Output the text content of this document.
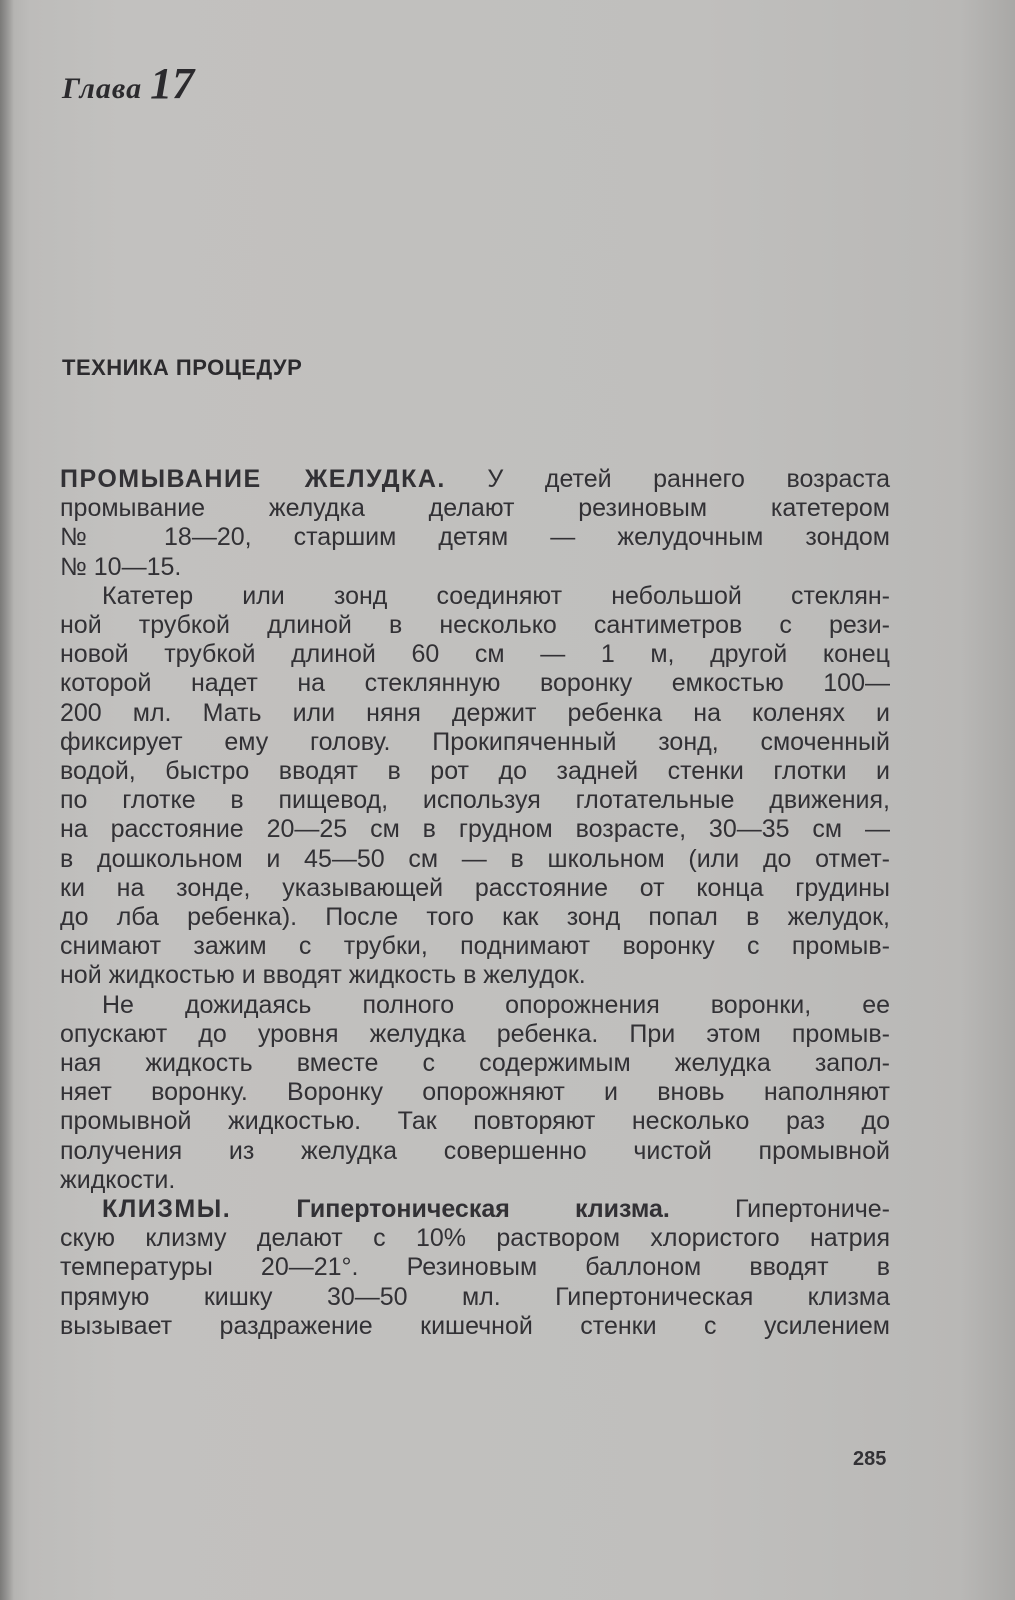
Глава 17
ТЕХНИКА ПРОЦЕДУР

ПРОМЫВАНИЕ ЖЕЛУДКА. У детей раннего возраста
промывание желудка делают резиновым катетером
№ 18—20, старшим детям — желудочным зондом
№ 10—15.

Катетер или зонд соединяют небольшой стеклян-
ной трубкой длиной в несколько сантиметров с рези-
новой трубкой длиной 60 см — 1 м, другой конец
которой надет на стеклянную воронку емкостью 100—
200 мл. Мать или няня держит ребенка на коленях и
фиксирует ему голову. Прокипяченный зонд, смоченный
водой, быстро вводят в рот до задней стенки глотки и
по глотке в пищевод, используя глотательные движения,
на расстояние 20—25 см в грудном возрасте, 30—35 см —
в дошкольном и 45—50 см — в школьном (или до отмет-
ки на зонде, указывающей расстояние от конца грудины
до лба ребенка). После того как зонд попал в желудок,
снимают зажим с трубки, поднимают воронку с промыв-
ной жидкостью и вводят жидкость в желудок.

Не дожидаясь полного опорожнения воронки, ее
опускают до уровня желудка ребенка. При этом промыв-
ная жидкость вместе с содержимым желудка запол-
няет воронку. Воронку опорожняют и вновь наполняют
промывной жидкостью. Так повторяют несколько раз до
получения из желудка совершенно чистой промывной
жидкости.

КЛИЗМЫ. Гипертоническая клизма. Гипертониче-
скую клизму делают с 10% раствором хлористого натрия
температуры 20—21°. Резиновым баллоном вводят в
прямую кишку 30—50 мл. Гипертоническая клизма
вызывает раздражение кишечной стенки с усилением

285
